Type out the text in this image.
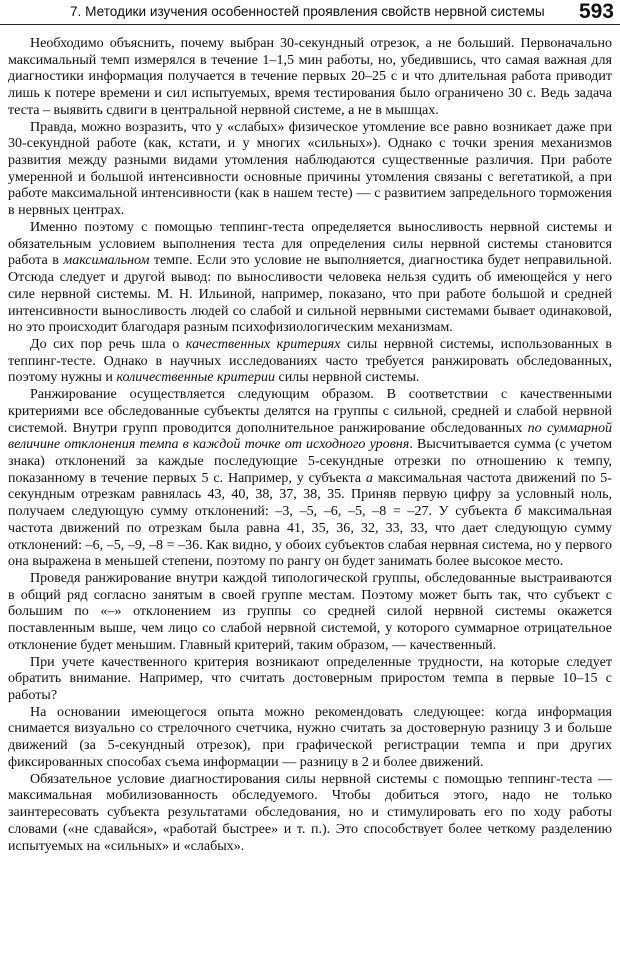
7. Методики изучения особенностей проявления свойств нервной системы 593

Необходимо объяснить, почему выбран 30-секундный отрезок, а не больший. Первоначально максимальный темп измерялся в течение 1–1,5 мин работы, но, убедившись, что самая важная для диагностики информация получается в течение первых 20–25 с и что длительная работа приводит лишь к потере времени и сил испытуемых, время тестирования было ограничено 30 с. Ведь задача теста – выявить сдвиги в центральной нервной системе, а не в мышцах.

Правда, можно возразить, что у «слабых» физическое утомление все равно возникает даже при 30-секундной работе (как, кстати, и у многих «сильных»). Однако с точки зрения механизмов развития между разными видами утомления наблюдаются существенные различия. При работе умеренной и большой интенсивности основные причины утомления связаны с вегетатикой, а при работе максимальной интенсивности (как в нашем тесте) — с развитием запредельного торможения в нервных центрах.

Именно поэтому с помощью теппинг-теста определяется выносливость нервной системы и обязательным условием выполнения теста для определения силы нервной системы становится работа в максимальном темпе. Если это условие не выполняется, диагностика будет неправильной. Отсюда следует и другой вывод: по выносливости человека нельзя судить об имеющейся у него силе нервной системы. М. Н. Ильиной, например, показано, что при работе большой и средней интенсивности выносливость людей со слабой и сильной нервными системами бывает одинаковой, но это происходит благодаря разным психофизиологическим механизмам.

До сих пор речь шла о качественных критериях силы нервной системы, использованных в теппинг-тесте. Однако в научных исследованиях часто требуется ранжировать обследованных, поэтому нужны и количественные критерии силы нервной системы.

Ранжирование осуществляется следующим образом. В соответствии с качественными критериями все обследованные субъекты делятся на группы с сильной, средней и слабой нервной системой. Внутри групп проводится дополнительное ранжирование обследованных по суммарной величине отклонения темпа в каждой точке от исходного уровня. Высчитывается сумма (с учетом знака) отклонений за каждые последующие 5-секундные отрезки по отношению к темпу, показанному в течение первых 5 с. Например, у субъекта а максимальная частота движений по 5-секундным отрезкам равнялась 43, 40, 38, 37, 38, 35. Приняв первую цифру за условный ноль, получаем следующую сумму отклонений: –3, –5, –6, –5, –8 = –27. У субъекта б максимальная частота движений по отрезкам была равна 41, 35, 36, 32, 33, 33, что дает следующую сумму отклонений: –6, –5, –9, –8 = –36. Как видно, у обоих субъектов слабая нервная система, но у первого она выражена в меньшей степени, поэтому по рангу он будет занимать более высокое место.

Проведя ранжирование внутри каждой типологической группы, обследованные выстраиваются в общий ряд согласно занятым в своей группе местам. Поэтому может быть так, что субъект с большим по «–» отклонением из группы со средней силой нервной системы окажется поставленным выше, чем лицо со слабой нервной системой, у которого суммарное отрицательное отклонение будет меньшим. Главный критерий, таким образом, — качественный.

При учете качественного критерия возникают определенные трудности, на которые следует обратить внимание. Например, что считать достоверным приростом темпа в первые 10–15 с работы?

На основании имеющегося опыта можно рекомендовать следующее: когда информация снимается визуально со стрелочного счетчика, нужно считать за достоверную разницу 3 и больше движений (за 5-секундный отрезок), при графической регистрации темпа и при других фиксированных способах съема информации — разницу в 2 и более движений.

Обязательное условие диагностирования силы нервной системы с помощью теппинг-теста — максимальная мобилизованность обследуемого. Чтобы добиться этого, надо не только заинтересовать субъекта результатами обследования, но и стимулировать его по ходу работы словами («не сдавайся», «работай быстрее» и т. п.). Это способствует более четкому разделению испытуемых на «сильных» и «слабых».
